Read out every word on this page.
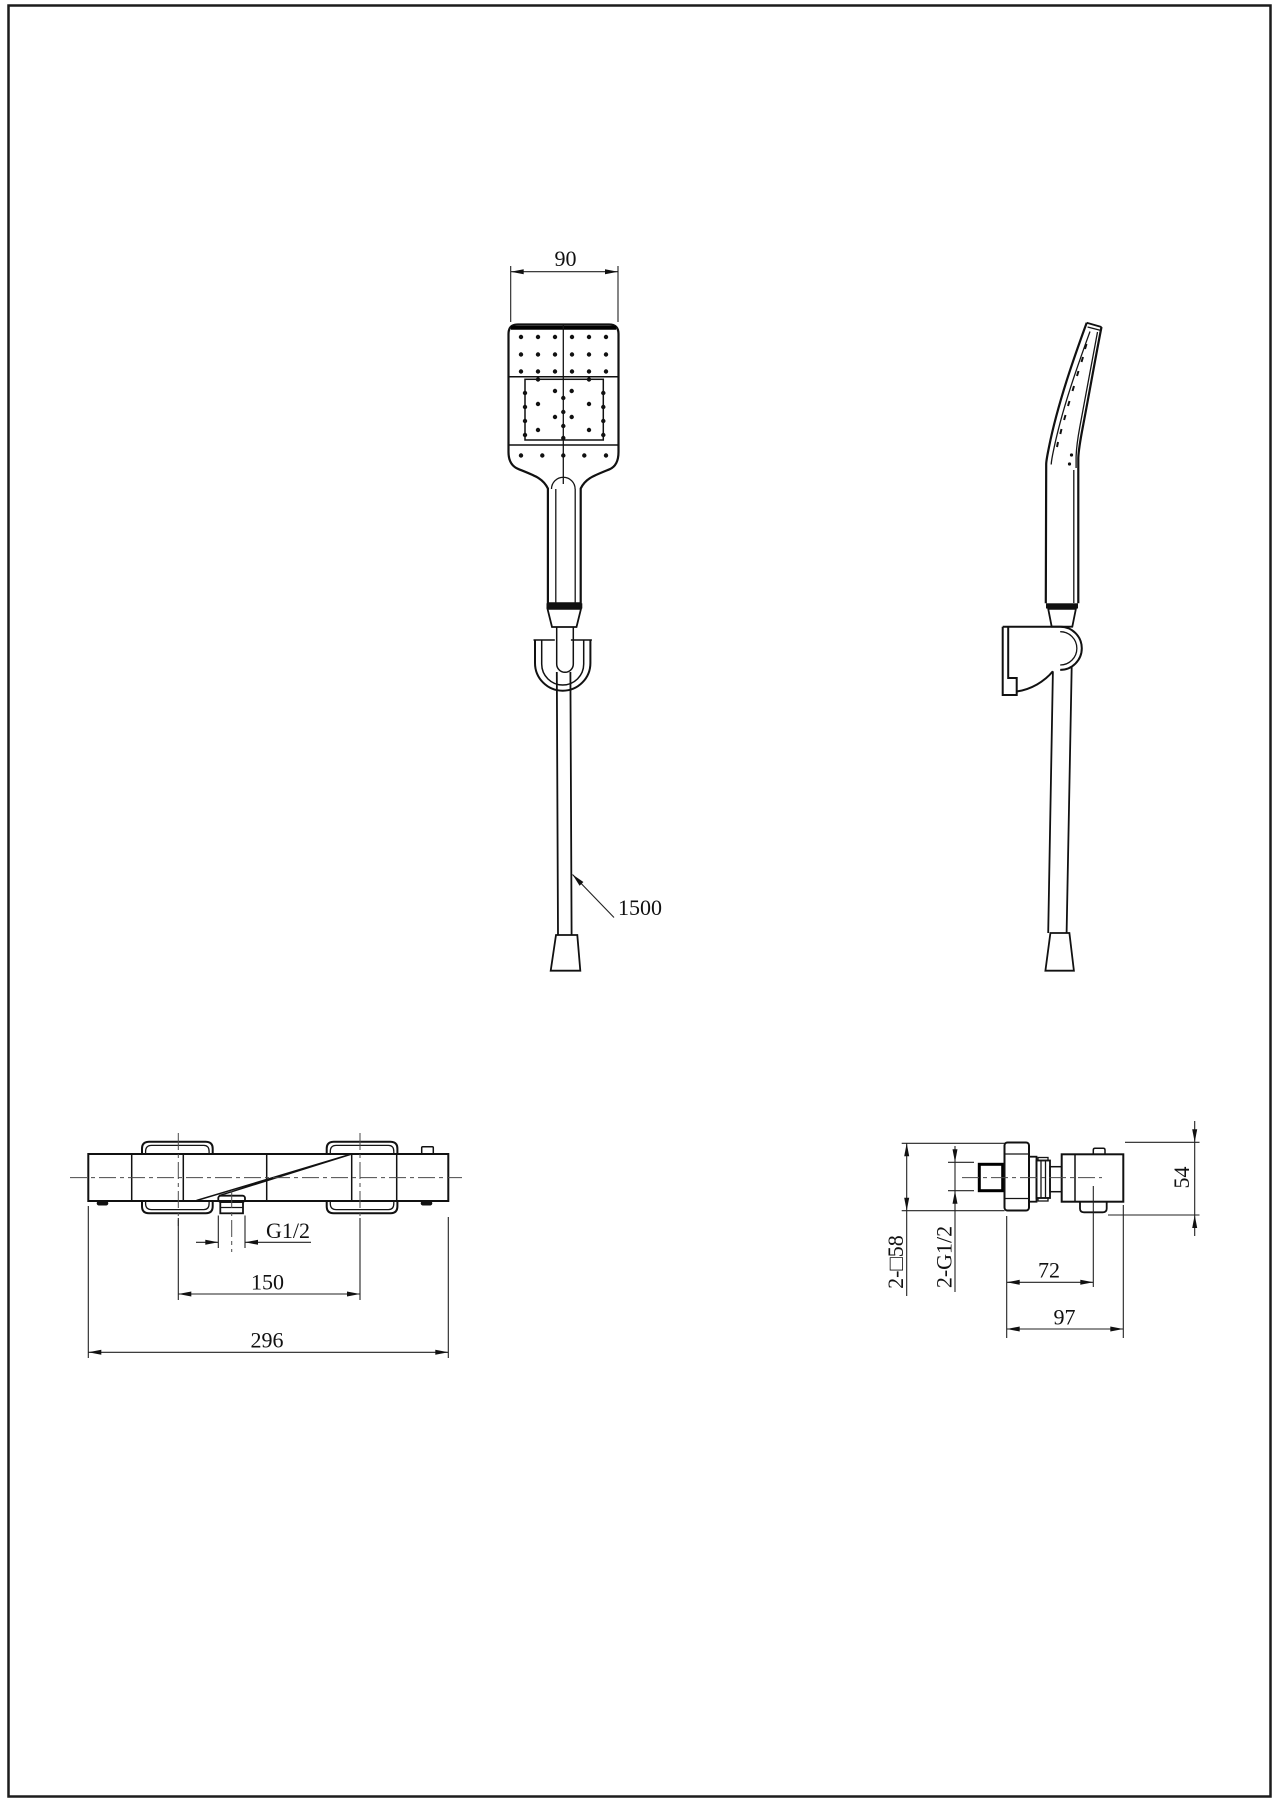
90
1500
G1/2
150
296
2-□58 2-G1/2
54
72
97
